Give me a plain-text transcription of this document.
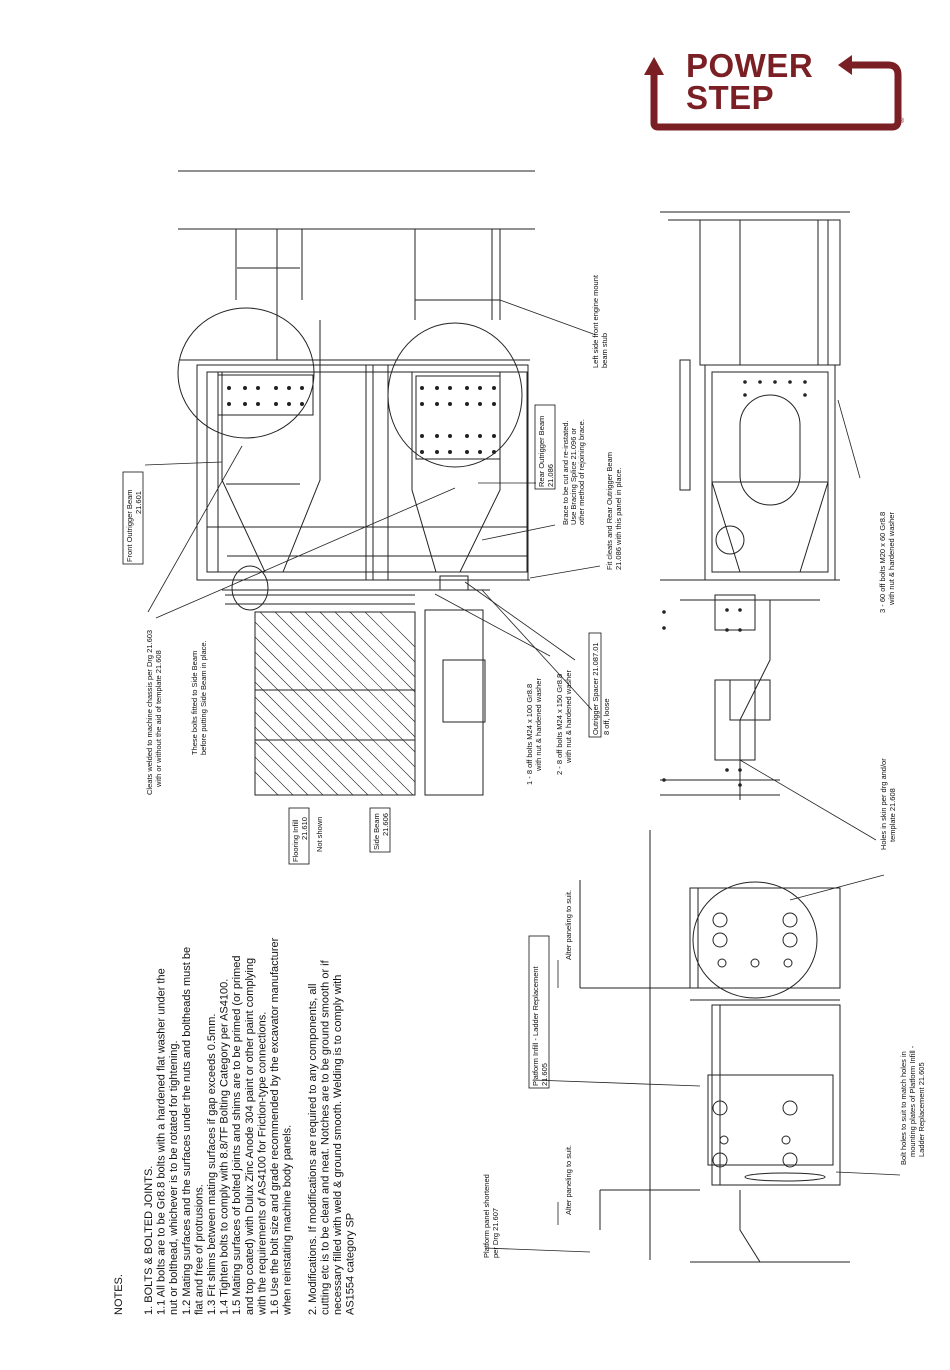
POWER
STEP
®
Front Outrigger Beam 21.601
Rear Outrigger Beam 21.086 Brace to be cut and re-instated. Use Bracing Splice 21.096 or other method of rejoining brace.	Fit cleats and Rear Outrigger Beam 21.086 with this panel in place.
Left side front engine mount beam stub
3 - 60 off bolts M20 x 60 Gr8.8 with nut & hardened washer
Cleats welded to machine chassis per Drg 21.603 with or without the aid of template 21.608	These bolts fitted to Side Beam before putting Side Beam in place.	1 - 8 off bolts M24 x 100 Gr8.8 with nut & hardened washer 2 - 8 off bolts M24 x 150 Gr8.8 with nut & hardened washer Outrigger Spacer 21.087.01 8 off, loose
Flooring Infill 21.610 Not shown	Side Beam 21.606	Holes in skin per drg and/or template 21.608
Platform Infill - Ladder Replacement 21.605
Alter paneling to suit.
Alter paneling to suit.
Platform panel shortened per Drg 21.607
Bolt holes to suit to match holes in mounting plates of Platform Infill - Ladder Replacement 21.605
NOTES. 1. BOLTS & BOLTED JOINTS. 1.1 All bolts are to be Gr8.8 bolts with a hardened flat washer under the nut or bolthead, whichever is to be rotated for tightening. 1.2 Mating surfaces and the surfaces under the nuts and boltheads must be flat and free of protrusions. 1.3 Fit shims between mating surfaces if gap exceeds 0.5mm. 1.4 Tighten bolts to comply with 8.8/TF Bolting Category per AS4100. 1.5 Mating surfaces of bolted joints and shims are to be primed (or primed and top coated) with Dulux Zinc Anode 304 paint or other paint complying with the requirements of AS4100 for Friction-type connections. 1.6 Use the bolt size and grade recommended by the excavator manufacturer when reinstating machine body panels. 2. Modifications. If modifications are required to any components, all cutting etc is to be clean and neat. Notches are to be ground smooth or if necessary filled with weld & ground smooth. Welding is to comply with AS1554 category SP
